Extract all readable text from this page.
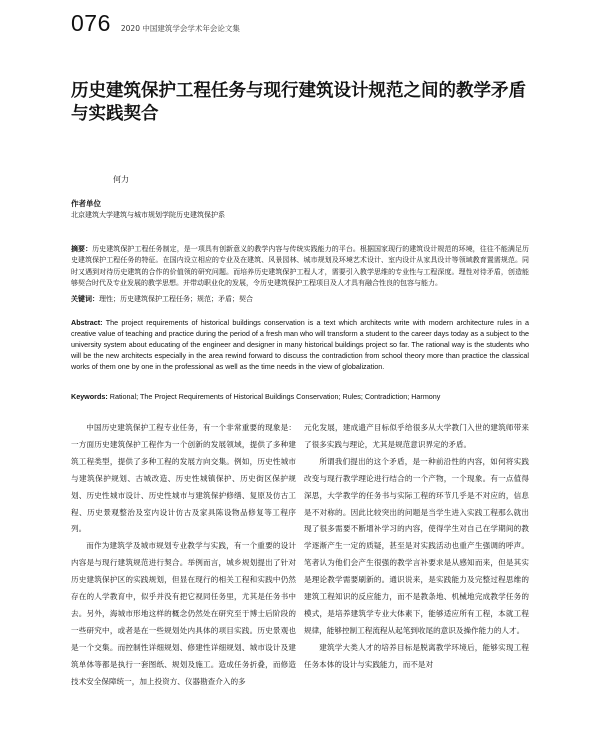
076 2020 中国建筑学会学术年会论文集
历史建筑保护工程任务与现行建筑设计规范之间的教学矛盾与实践契合
何力
作者单位
北京建筑大学建筑与城市规划学院历史建筑保护系
摘要：历史建筑保护工程任务制定，是一项具有创新意义的教学内容与传统实践能力的平台。根据国家现行的建筑设计规范的环境，往往不能满足历史建筑保护工程任务的特征。在国内设立相应的专业及在建筑、风景园林、城市规划及环境艺术设计、室内设计从家具设计等领域教育置需规范。同时又遇到对待历史建筑的合作的价值领的研究问题。而培养历史建筑保护工程人才，需要引入教学思维的专业性与工程深度。理性对待矛盾，创造能够契合时代及专业发展的教学思想。并带动职业化的发展，令历史建筑保护工程项目及人才具有融合性良的包容与能力。
关键词：理性；历史建筑保护工程任务；规范；矛盾；契合
Abstract: The project requirements of historical buildings conservation is a text which architects write with modern architecture rules in a creative value of teaching and practice during the period of a fresh man who will transform a student to the career days today as a subject to the university system about educating of the engineer and designer in many historical buildings project so far. The rational way is the students who will be the new architects especially in the area rewind forward to discuss the contradiction from school theory more than practice the classical works of them one by one in the professional as well as the time needs in the view of globalization.
Keywords: Rational; The Project Requirements of Historical Buildings Conservation; Rules; Contradiction; Harmony

中国历史建筑保护工程专业任务，有一个非常重要的现象是：一方面历史建筑保护工程作为一个创新的发展领域，提供了多种建筑工程类型，提供了多种工程的发展方向交集。例如，历史性城市与建筑保护规划、古城改造、历史性城镇保护、历史街区保护规划、历史性城市设计、历史性城市与建筑保护修缮、复原及仿古工程、历史景观整治及室内设计仿古及家具陈设物品修复等工程序列。

而作为建筑学及城市规划专业教学与实践，有一个重要的设计内容是与现行建筑规范进行契合。举例而言，城乡规划提出了针对历史建筑保护区的实践规划，但显在现行的相关工程和实践中仍然存在的人学教育中，似乎并没有把它视同任务里，尤其是任务书中去。另外，海城市形地这样的概念仍然处在研究至于博士后阶段的一些研究中，或者是在一些规划处内具体的项目实践。历史景观也是一个交集。而控制性详细规划、修建性详细规划、城市设计及建筑单体等都是执行一套图纸、规划及施工。造成任务折叠，而修造技术安全保障统一，加上投资方、仪器勘查介入的多

元化发展，建成遗产目标似乎给很多从大学教门入世的建筑师带来了很多实践与理论，尤其是规范意识界定的矛盾。

所谓我们提出的这个矛盾，是一种前沿性的内容，如何将实践改变与现行教学理论进行结合的一个产物，一个现象。有一点值得深思，大学教学的任务书与实际工程的环节几乎是不对应的，信息是不对称的。因此比较突出的问题是当学生进入实践工程那么就出现了很多需要不断增补学习的内容，使得学生对自己在学期间的教学逐渐产生一定的质疑，甚至是对实践活动也重产生强调的呼声。笔者认为他们会产生很强的教学言补要求是从感知而来，但是其实是理论教学需要刷新的。通识说来，是实践能力及完整过程思维的建筑工程知识的反应能力，而不是教条地、机械地完成教学任务的模式，是培养建筑学专业大体素下，能够适应所有工程，本就工程规律，能够控制工程流程从起笔到收尾的意识及操作能力的人才。

建筑学大类人才的培养目标是脱离教学环境后，能够实现工程任务本体的设计与实践能力，而不是对
